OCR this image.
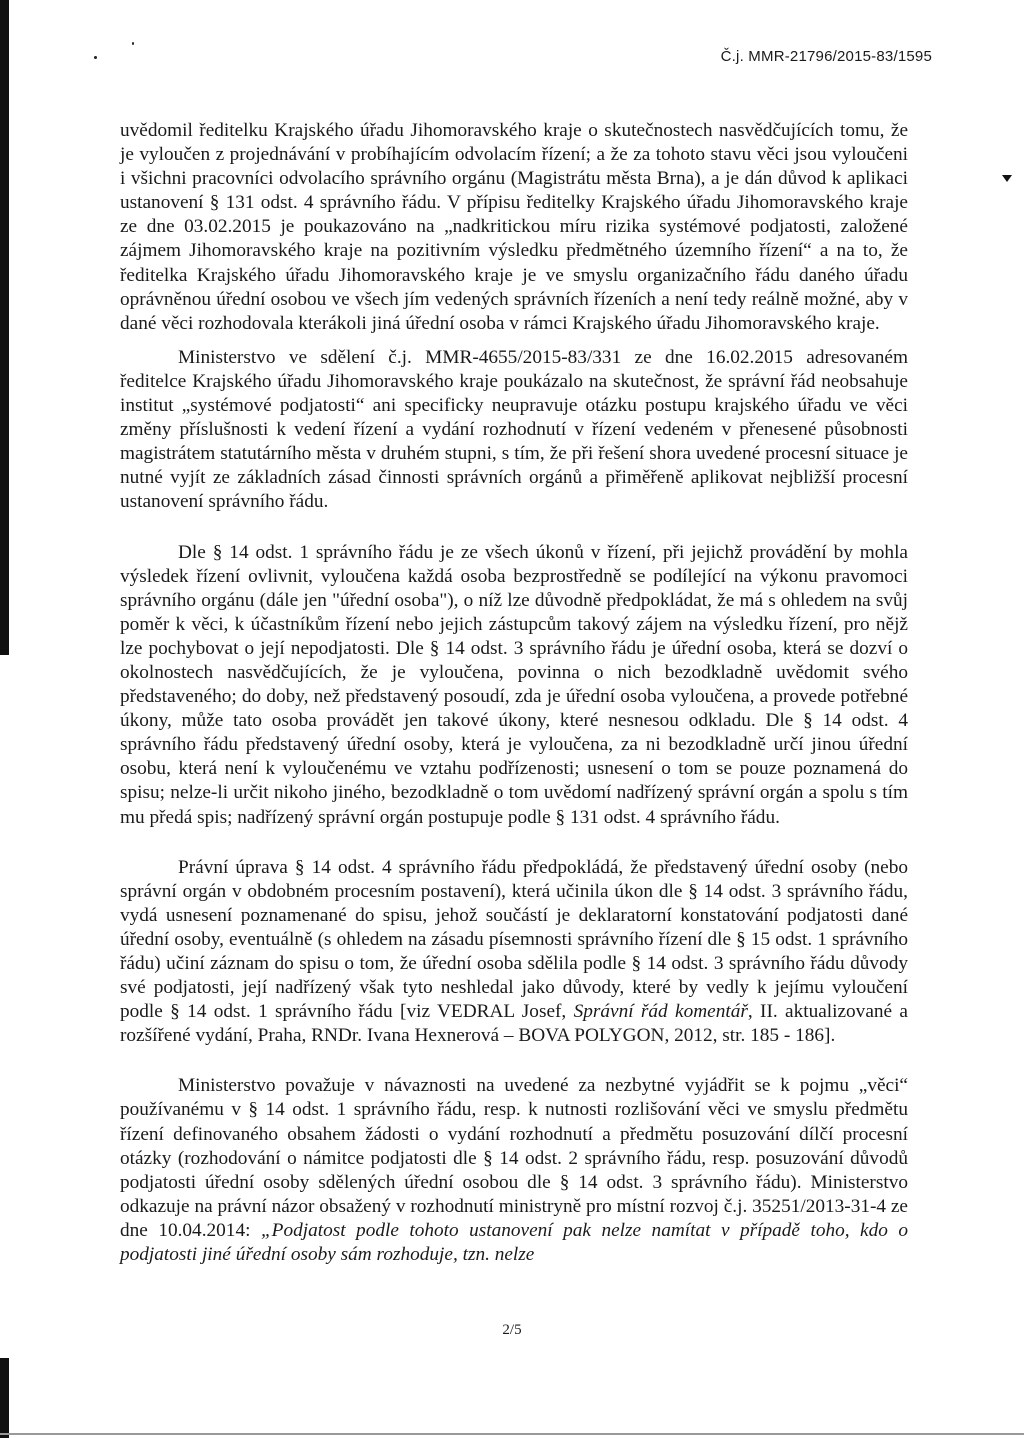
Č.j. MMR-21796/2015-83/1595

uvědomil ředitelku Krajského úřadu Jihomoravského kraje o skutečnostech nasvědčujících tomu, že je vyloučen z projednávání v probíhajícím odvolacím řízení; a že za tohoto stavu věci jsou vyloučeni i všichni pracovníci odvolacího správního orgánu (Magistrátu města Brna), a je dán důvod k aplikaci ustanovení § 131 odst. 4 správního řádu. V přípisu ředitelky Krajského úřadu Jihomoravského kraje ze dne 03.02.2015 je poukazováno na „nadkritickou míru rizika systémové podjatosti, založené zájmem Jihomoravského kraje na pozitivním výsledku předmětného územního řízení“ a na to, že ředitelka Krajského úřadu Jihomoravského kraje je ve smyslu organizačního řádu daného úřadu oprávněnou úřední osobou ve všech jím vedených správních řízeních a není tedy reálně možné, aby v dané věci rozhodovala kterákoli jiná úřední osoba v rámci Krajského úřadu Jihomoravského kraje.

Ministerstvo ve sdělení č.j. MMR-4655/2015-83/331 ze dne 16.02.2015 adresovaném ředitelce Krajského úřadu Jihomoravského kraje poukázalo na skutečnost, že správní řád neobsahuje institut „systémové podjatosti“ ani specificky neupravuje otázku postupu krajského úřadu ve věci změny příslušnosti k vedení řízení a vydání rozhodnutí v řízení vedeném v přenesené působnosti magistrátem statutárního města v druhém stupni, s tím, že při řešení shora uvedené procesní situace je nutné vyjít ze základních zásad činnosti správních orgánů a přiměřeně aplikovat nejbližší procesní ustanovení správního řádu.

Dle § 14 odst. 1 správního řádu je ze všech úkonů v řízení, při jejichž provádění by mohla výsledek řízení ovlivnit, vyloučena každá osoba bezprostředně se podílející na výkonu pravomoci správního orgánu (dále jen "úřední osoba"), o níž lze důvodně předpokládat, že má s ohledem na svůj poměr k věci, k účastníkům řízení nebo jejich zástupcům takový zájem na výsledku řízení, pro nějž lze pochybovat o její nepodjatosti. Dle § 14 odst. 3 správního řádu je úřední osoba, která se dozví o okolnostech nasvědčujících, že je vyloučena, povinna o nich bezodkladně uvědomit svého představeného; do doby, než představený posoudí, zda je úřední osoba vyloučena, a provede potřebné úkony, může tato osoba provádět jen takové úkony, které nesnesou odkladu. Dle § 14 odst. 4 správního řádu představený úřední osoby, která je vyloučena, za ni bezodkladně určí jinou úřední osobu, která není k vyloučenému ve vztahu podřízenosti; usnesení o tom se pouze poznamená do spisu; nelze-li určit nikoho jiného, bezodkladně o tom uvědomí nadřízený správní orgán a spolu s tím mu předá spis; nadřízený správní orgán postupuje podle § 131 odst. 4 správního řádu.

Právní úprava § 14 odst. 4 správního řádu předpokládá, že představený úřední osoby (nebo správní orgán v obdobném procesním postavení), která učinila úkon dle § 14 odst. 3 správního řádu, vydá usnesení poznamenané do spisu, jehož součástí je deklaratorní konstatování podjatosti dané úřední osoby, eventuálně (s ohledem na zásadu písemnosti správního řízení dle § 15 odst. 1 správního řádu) učiní záznam do spisu o tom, že úřední osoba sdělila podle § 14 odst. 3 správního řádu důvody své podjatosti, její nadřízený však tyto neshledal jako důvody, které by vedly k jejímu vyloučení podle § 14 odst. 1 správního řádu [viz VEDRAL Josef, Správní řád komentář, II. aktualizované a rozšířené vydání, Praha, RNDr. Ivana Hexnerová – BOVA POLYGON, 2012, str. 185 - 186].

Ministerstvo považuje v návaznosti na uvedené za nezbytné vyjádřit se k pojmu „věci“ používanému v § 14 odst. 1 správního řádu, resp. k nutnosti rozlišování věci ve smyslu předmětu řízení definovaného obsahem žádosti o vydání rozhodnutí a předmětu posuzování dílčí procesní otázky (rozhodování o námitce podjatosti dle § 14 odst. 2 správního řádu, resp. posuzování důvodů podjatosti úřední osoby sdělených úřední osobou dle § 14 odst. 3 správního řádu). Ministerstvo odkazuje na právní názor obsažený v rozhodnutí ministryně pro místní rozvoj č.j. 35251/2013-31-4 ze dne 10.04.2014: „Podjatost podle tohoto ustanovení pak nelze namítat v případě toho, kdo o podjatosti jiné úřední osoby sám rozhoduje, tzn. nelze

2/5
